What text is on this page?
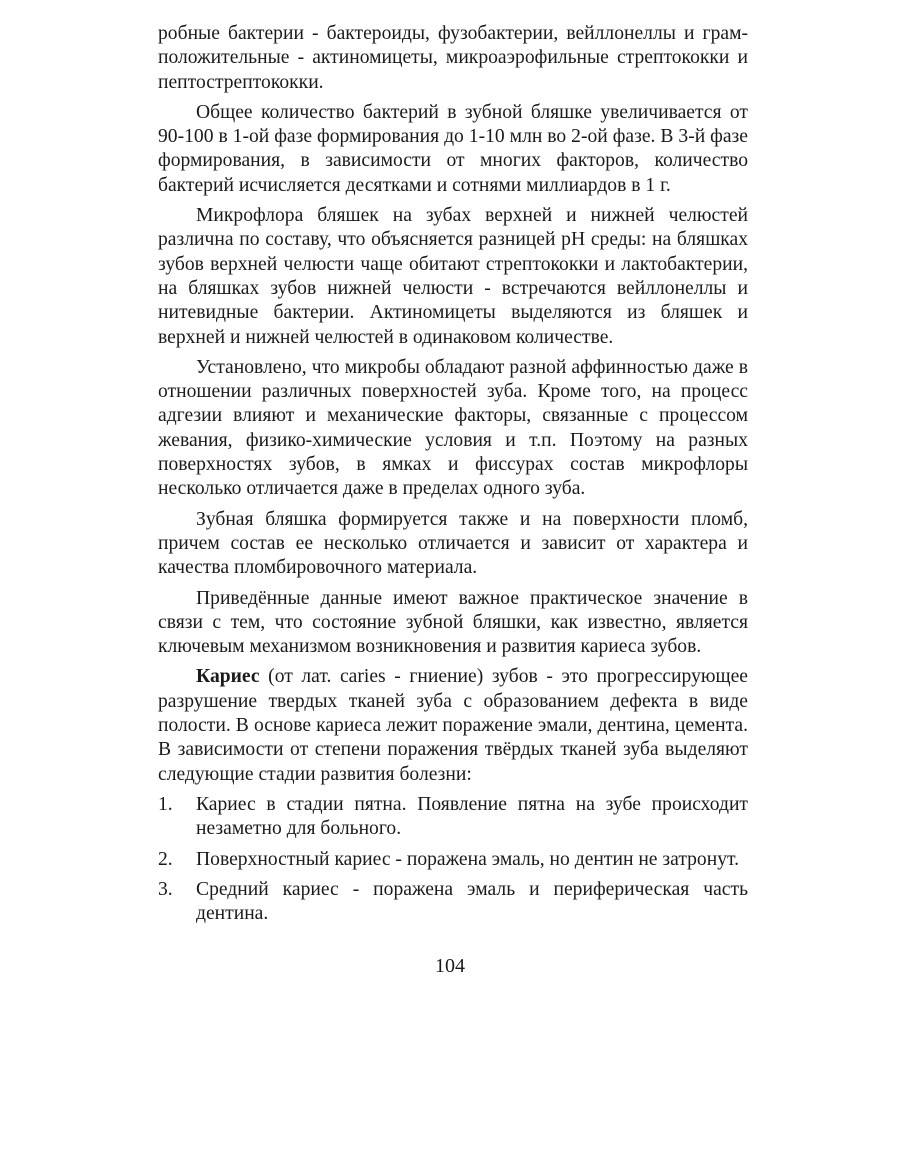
робные бактерии - бактероиды, фузобактерии, вейллонеллы и грамположительные - актиномицеты, микроаэрофильные стрептококки и пептострептококки.

Общее количество бактерий в зубной бляшке увеличивается от 90-100 в 1-ой фазе формирования до 1-10 млн во 2-ой фазе. В 3-й фазе формирования, в зависимости от многих факторов, количество бактерий исчисляется десятками и сотнями миллиардов в 1 г.

Микрофлора бляшек на зубах верхней и нижней челюстей различна по составу, что объясняется разницей pH среды: на бляшках зубов верхней челюсти чаще обитают стрептококки и лактобактерии, на бляшках зубов нижней челюсти - встречаются вейллонеллы и нитевидные бактерии. Актиномицеты выделяются из бляшек и верхней и нижней челюстей в одинаковом количестве.

Установлено, что микробы обладают разной аффинностью даже в отношении различных поверхностей зуба. Кроме того, на процесс адгезии влияют и механические факторы, связанные с процессом жевания, физико-химические условия и т.п. Поэтому на разных поверхностях зубов, в ямках и фиссурах состав микрофлоры несколько отличается даже в пределах одного зуба.

Зубная бляшка формируется также и на поверхности пломб, причем состав ее несколько отличается и зависит от характера и качества пломбировочного материала.

Приведённые данные имеют важное практическое значение в связи с тем, что состояние зубной бляшки, как известно, является ключевым механизмом возникновения и развития кариеса зубов.

Кариес (от лат. caries - гниение) зубов - это прогрессирующее разрушение твердых тканей зуба с образованием дефекта в виде полости. В основе кариеса лежит поражение эмали, дентина, цемента. В зависимости от степени поражения твёрдых тканей зуба выделяют следующие стадии развития болезни:

1.	Кариес в стадии пятна. Появление пятна на зубе происходит незаметно для больного.
2.	Поверхностный кариес - поражена эмаль, но дентин не затронут.
3.	Средний кариес - поражена эмаль и периферическая часть дентина.
104
